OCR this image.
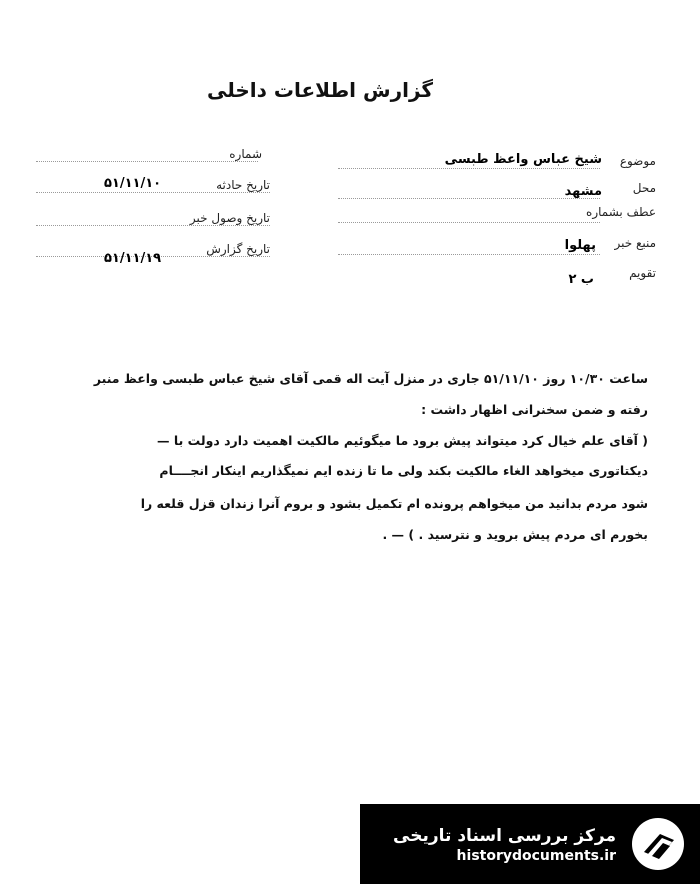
گزارش اطلاعات داخلی
شماره
تاریخ حادثه
۵۱/۱۱/۱۰
تاریخ وصول خبر
تاریخ گزارش
۵۱/۱۱/۱۹
موضوع
شیخ عباس واعظ طبسی
محل
مشهد
عطف بشماره
منبع خبر
پهلوا
تقویم
ب ۲
ساعت ۱۰/۳۰ روز ۵۱/۱۱/۱۰ جاری در منزل آیت اله قمی آقای شیخ عباس طبسی واعظ منبر
رفته و ضمن سخنرانی اظهار داشت :
( آقای علم خیال کرد میتواند پیش برود ما میگوئیم مالکیت اهمیت دارد دولت با —
دیکتاتوری میخواهد الغاء مالکیت بکند ولی ما تا زنده ایم نمیگذاریم اینکار انجــــام
شود مردم بدانید من میخواهم پرونده ام تکمیل بشود و بروم آنرا زندان قزل قلعه را
بخورم ای مردم پیش بروید و نترسید . ) — .
مرکز بررسی اسناد تاریخی
historydocuments.ir
